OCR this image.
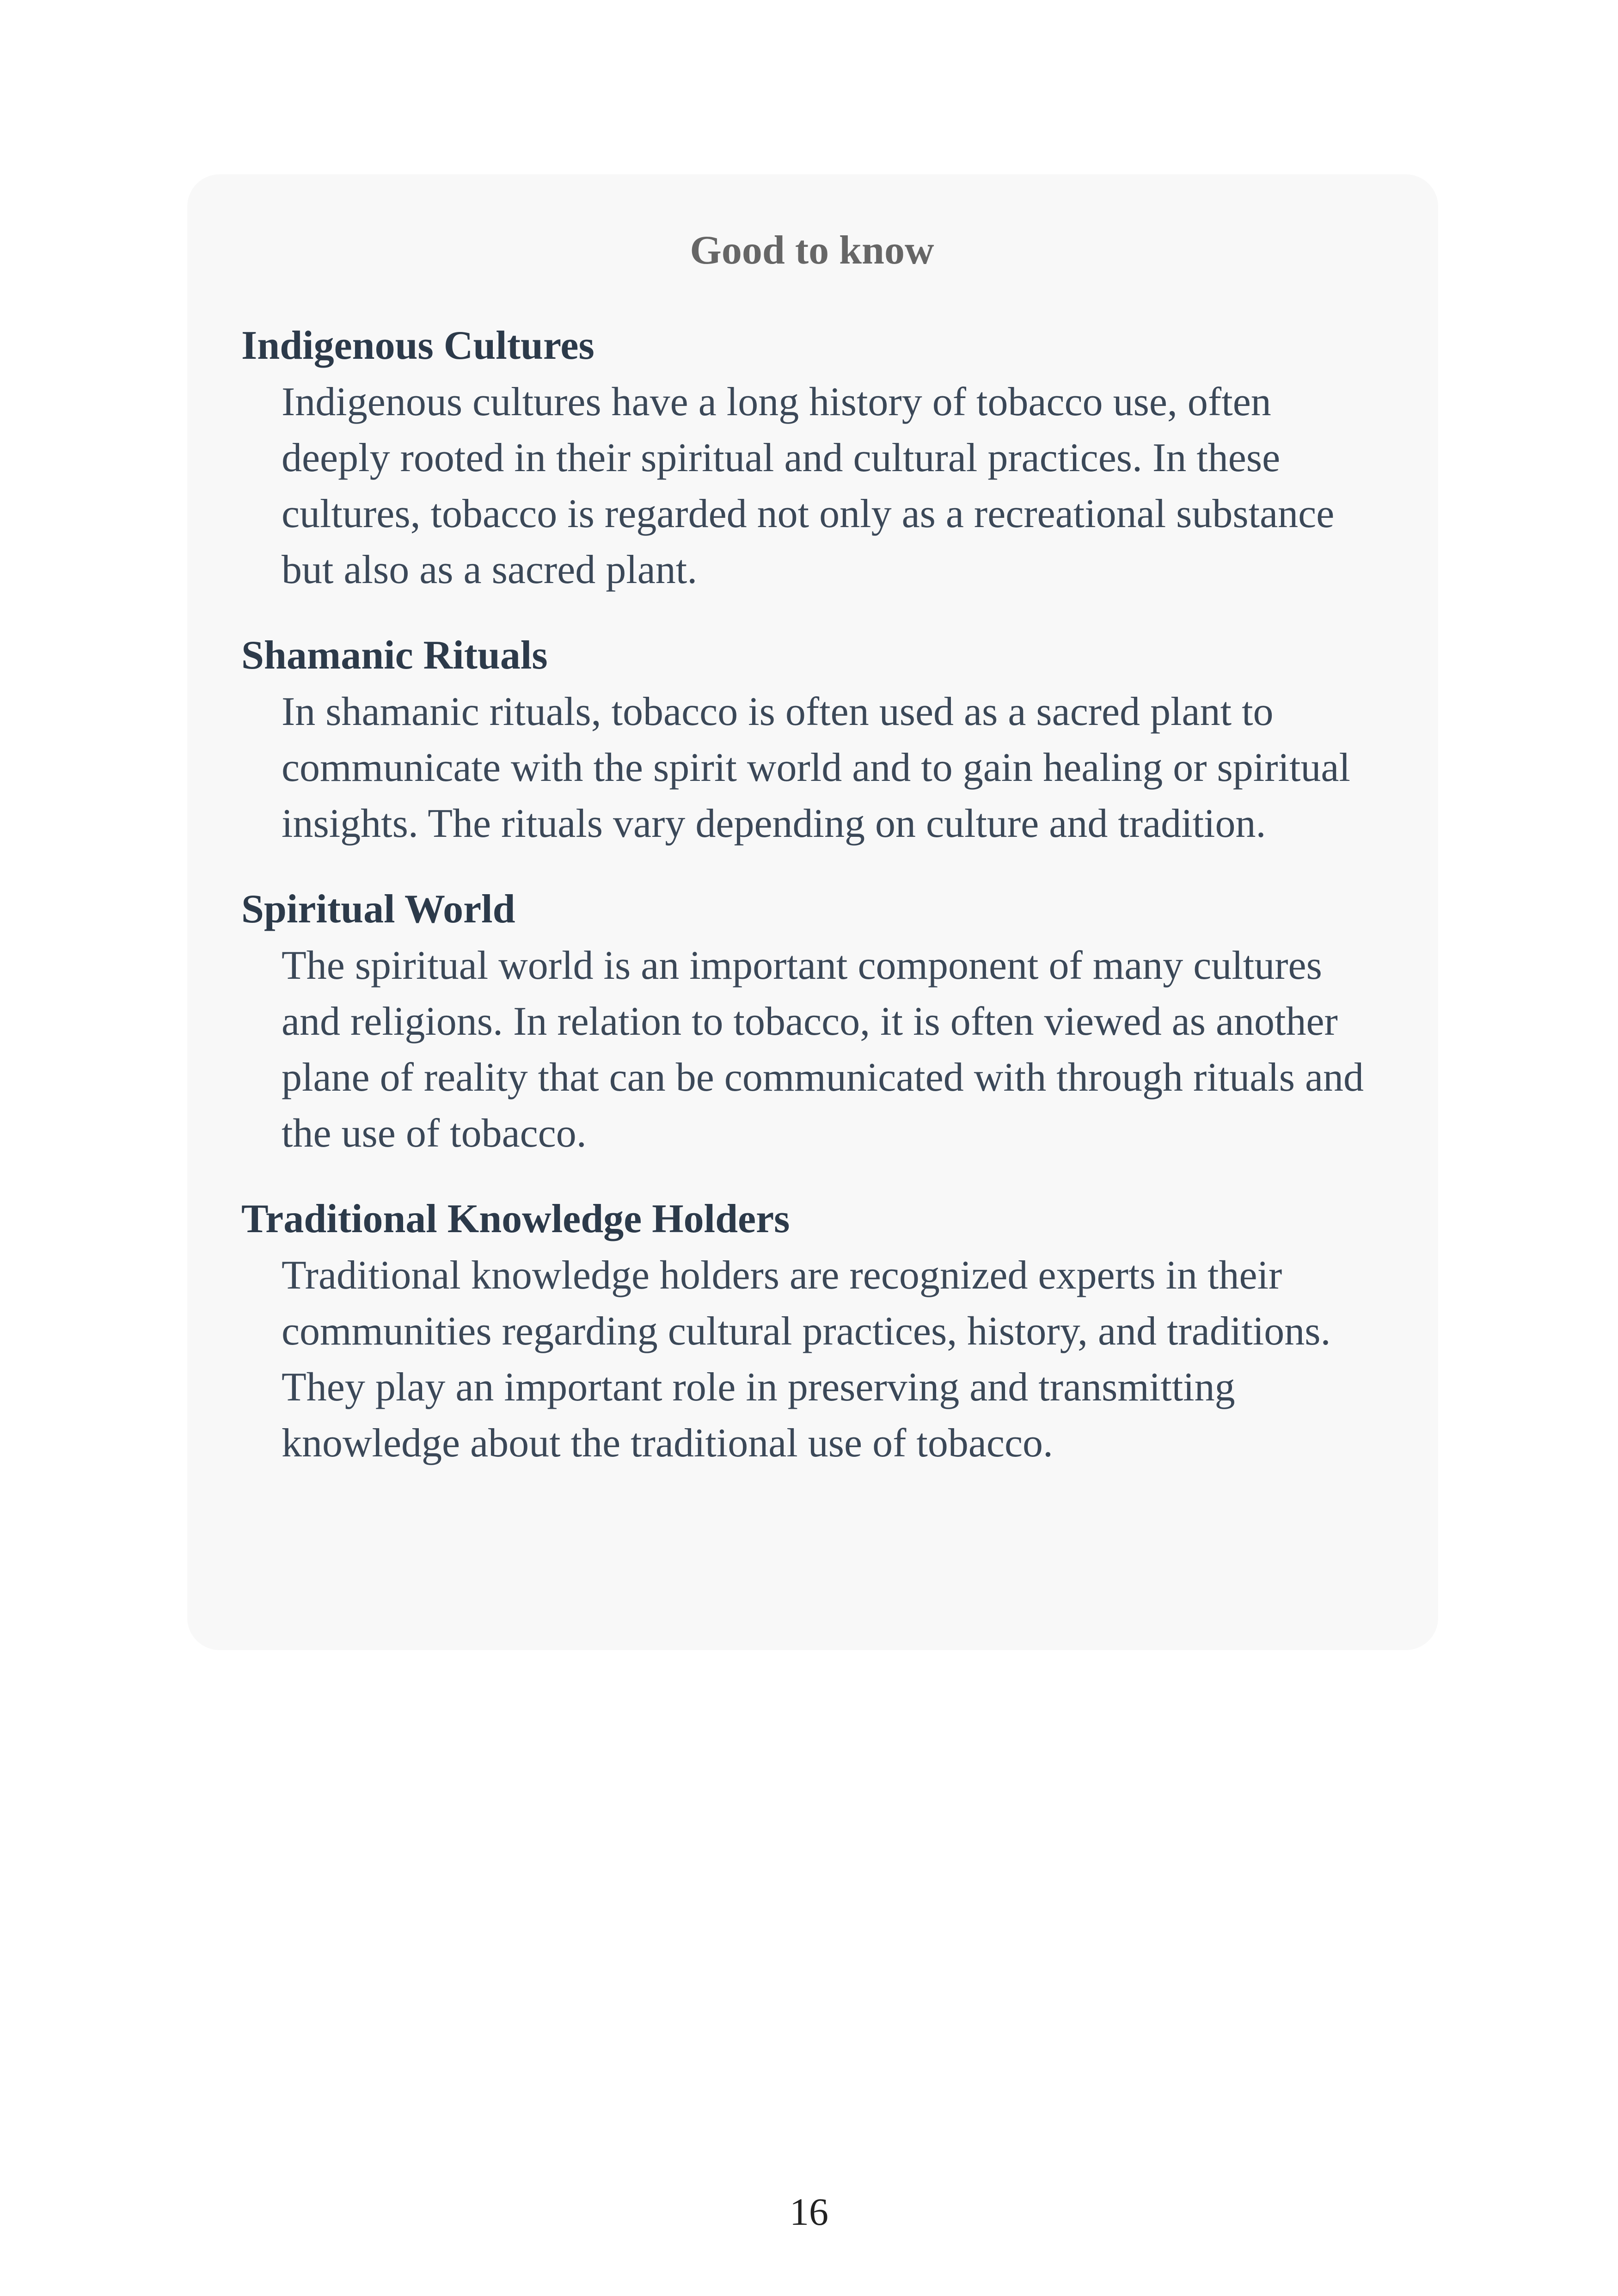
Good to know
Indigenous Cultures
Indigenous cultures have a long history of tobacco use, often deeply rooted in their spiritual and cultural practices. In these cultures, tobacco is regarded not only as a recreational substance but also as a sacred plant.
Shamanic Rituals
In shamanic rituals, tobacco is often used as a sacred plant to communicate with the spirit world and to gain healing or spiritual insights. The rituals vary depending on culture and tradition.
Spiritual World
The spiritual world is an important component of many cultures and religions. In relation to tobacco, it is often viewed as another plane of reality that can be communicated with through rituals and the use of tobacco.
Traditional Knowledge Holders
Traditional knowledge holders are recognized experts in their communities regarding cultural practices, history, and traditions. They play an important role in preserving and transmitting knowledge about the traditional use of tobacco.
16
